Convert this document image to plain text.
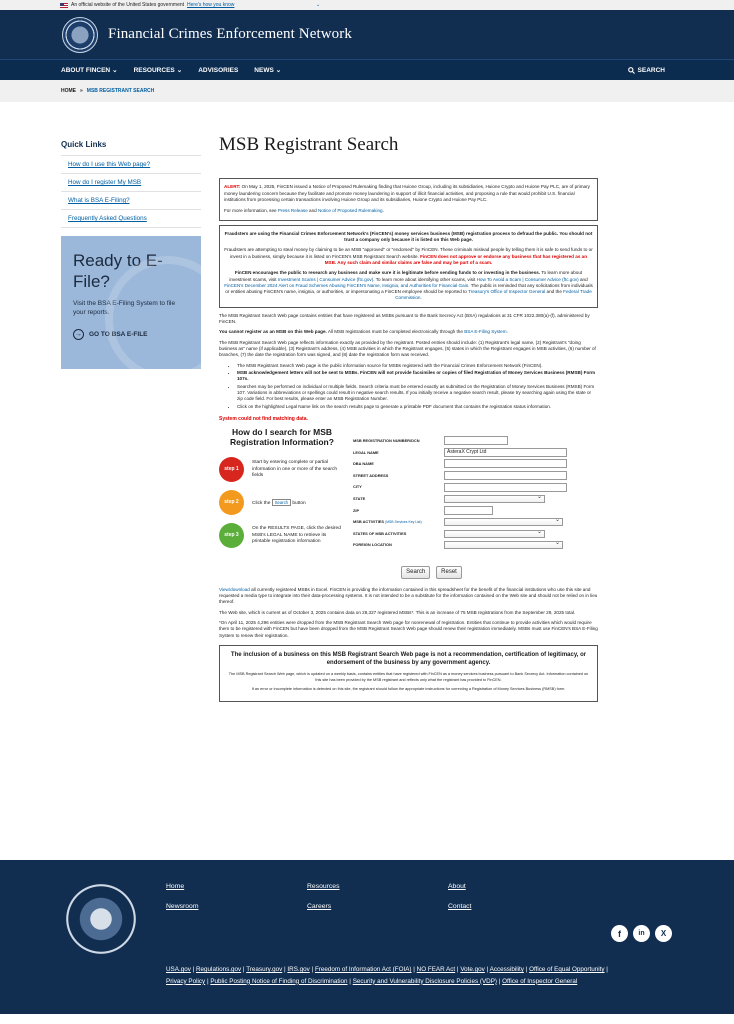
An official website of the United States government Here's how you know	⌄
Financial Crimes Enforcement Network
ABOUT FINCEN ⌄ RESOURCES ⌄ ADVISORIES NEWS ⌄	SEARCH
HOME » MSB REGISTRANT SEARCH
Quick Links
How do I use this Web page?
How do I register My MSB
What is BSA E-Filing?
Frequently Asked Questions
Ready to E-File?

Visit the BSA E-Filing System to file your reports.

→	GO TO BSA E-FILE
MSB Registrant Search
ALERT: On May 1, 2025, FinCEN issued a Notice of Proposed Rulemaking finding that Huione Group, including its subsidiaries, Huione Crypto and Huione Pay PLC, are of primary money laundering concern because they facilitate and promote money laundering in support of illicit financial activities, and proposing a rule that would prohibit U.S. financial institutions from processing certain transactions involving Huione Group and its subsidiaries, Huione Crypto and Huione Pay PLC.
For more information, see Press Release and Notice of Proposed Rulemaking.
Fraudsters are using the Financial Crimes Enforcement Network's (FinCEN's) money services business (MSB) registration process to defraud the public. You should not trust a company only because it is listed on this Web page.
Fraudsters are attempting to steal money by claiming to be an MSB "approved" or "endorsed" by FinCEN. These criminals mislead people by telling them it is safe to send funds to or invest in a business, simply because it is listed on FinCEN's MSB Registrant Search website. FinCEN does not approve or endorse any business that has registered as an MSB. Any such claim and similar claims are false and may be part of a scam.
FinCEN encourages the public to research any business and make sure it is legitimate before sending funds to or investing in the business. To learn more about investment scams, visit Investment Scams | Consumer Advice (ftc.gov). To learn more about identifying other scams, visit How To Avoid a Scam | Consumer Advice (ftc.gov) and FinCEN's December 2024 Alert on Fraud Schemes Abusing FinCEN's Name, Insignia, and Authorities for Financial Gain. The public is reminded that any solicitations from individuals or entities abusing FinCEN's name, insignia, or authorities, or impersonating a FinCEN employee should be reported to Treasury's Office of Inspector General and the Federal Trade Commission.
The MSB Registrant Search Web page contains entities that have registered as MSBs pursuant to the Bank Secrecy Act (BSA) regulations at 31 CFR 1022.380(a)-(f), administered by FinCEN.
You cannot register as an MSB on this Web page. All MSB registrations must be completed electronically through the BSA E-Filing System.
The MSB Registrant Search Web page reflects information exactly as provided by the registrant. Posted entries should include: (1) Registrant's legal name, (2) Registrant's "doing business as" name (if applicable), (3) Registrant's address, (4) MSB activities in which the Registrant engages, (5) states in which the Registrant engages in MSB activities, (6) number of branches, (7) the date the registration form was signed, and (8) date the registration form was received.
• The MSB Registrant Search Web page is the public information source for MSBs registered with the Financial Crimes Enforcement Network (FinCEN).
• MSB acknowledgement letters will not be sent to MSBs. FinCEN will not provide facsimiles or copies of filed Registration of Money Services Business (RMSB) Form 107s.
• Searches may be performed on individual or multiple fields. Search criteria must be entered exactly as submitted on the Registration of Money Services Business (RMSB) Form 107. Variations in abbreviations or spellings could result in negative search results. If you initially receive a negative search result, please try searching again using the state or zip code field. For best results, please enter an MSB Registration Number.
• Click on the highlighted Legal Name link on the search results page to generate a printable PDF document that contains the registration status information.
System could not find matching data.
How do I search for MSB Registration Information?
step 1
Start by entering complete or partial information in one or more of the search fields
step 2	Click the Search button
step 3
On the RESULTS PAGE, click the desired MSB's LEGAL NAME to retrieve its printable registration information
MSB REGISTRATION NUMBER/DCN
LEGAL NAME	AsteraX Crypt Ltd
DBA NAME
STREET ADDRESS
CITY
STATE
⌄
ZIP
MSB ACTIVITIES (MSB Services Key List)
⌄
STATES OF MSB ACTIVITIES
⌄
FOREIGN LOCATION
⌄
Search	Reset
View/download all currently registered MSBs in Excel. FinCEN is providing the information contained in this spreadsheet for the benefit of the financial institutions who use this site and requested a media type to integrate into their data-processing systems. It is not intended to be a substitute for the information contained on the Web site and should not be relied on in lieu thereof.
The Web site, which is current as of October 3, 2025 contains data on 28,327 registered MSBs*. This is an increase of 75 MSB registrations from the September 29, 2025 total.
*On April 11, 2025 4,296 entities were dropped from the MSB Registrant Search Web page for nonrenewal of registration. Entities that continue to provide activities which would require them to be registered with FinCEN but have been dropped from the MSB Registrant Search Web page should renew their registration immediately. MSBs must use FinCEN's BSA E-Filing System to renew their registration.
The inclusion of a business on this MSB Registrant Search Web page is not a recommendation, certification of legitimacy, or endorsement of the business by any government agency.
The MSB Registrant Search Web page, which is updated on a weekly basis, contains entities that have registered with FinCEN as a money services business pursuant to Bank Secrecy Act. Information contained on this site has been provided by the MSB registrant and reflects only what the registrant has provided to FinCEN.
If an error or incomplete information is detected on this site, the registrant should follow the appropriate instructions for correcting a Registration of Money Services Business (RMSB) form.
Home
Newsroom
Resources
Careers
About
Contact
f	in	X
USA.gov | Regulations.gov | Treasury.gov | IRS.gov | Freedom of Information Act (FOIA) | NO FEAR Act | Vote.gov | Accessibility | Office of Equal Opportunity |
Privacy Policy | Public Posting Notice of Finding of Discrimination | Security and Vulnerability Disclosure Policies (VDP) | Office of Inspector General
